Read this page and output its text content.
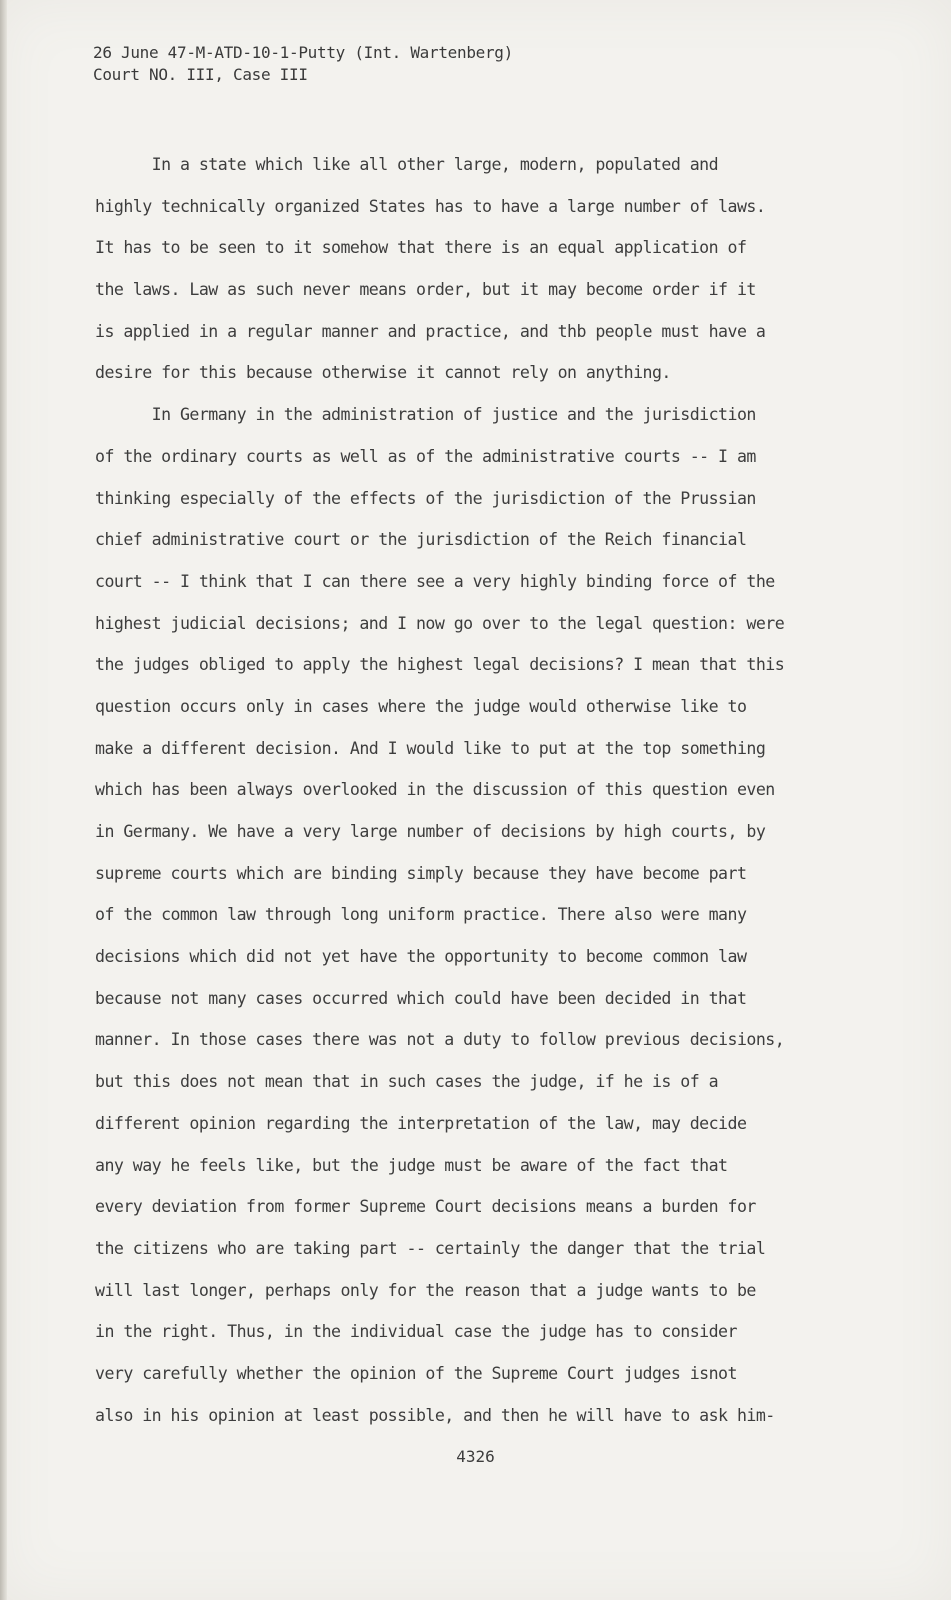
26 June 47-M-ATD-10-1-Putty (Int. Wartenberg)
Court NO. III, Case III
In a state which like all other large, modern, populated and
highly technically organized States has to have a large number of laws.
It has to be seen to it somehow that there is an equal application of
the laws. Law as such never means order, but it may become order if it
is applied in a regular manner and practice, and thb people must have a
desire for this because otherwise it cannot rely on anything.
In Germany in the administration of justice and the jurisdiction
of the ordinary courts as well as of the administrative courts -- I am
thinking especially of the effects of the jurisdiction of the Prussian
chief administrative court or the jurisdiction of the Reich financial
court -- I think that I can there see a very highly binding force of the
highest judicial decisions; and I now go over to the legal question: were
the judges obliged to apply the highest legal decisions? I mean that this
question occurs only in cases where the judge would otherwise like to
make a different decision. And I would like to put at the top something
which has been always overlooked in the discussion of this question even
in Germany. We have a very large number of decisions by high courts, by
supreme courts which are binding simply because they have become part
of the common law through long uniform practice. There also were many
decisions which did not yet have the opportunity to become common law
because not many cases occurred which could have been decided in that
manner. In those cases there was not a duty to follow previous decisions,
but this does not mean that in such cases the judge, if he is of a
different opinion regarding the interpretation of the law, may decide
any way he feels like, but the judge must be aware of the fact that
every deviation from former Supreme Court decisions means a burden for
the citizens who are taking part -- certainly the danger that the trial
will last longer, perhaps only for the reason that a judge wants to be
in the right. Thus, in the individual case the judge has to consider
very carefully whether the opinion of the Supreme Court judges isnot
also in his opinion at least possible, and then he will have to ask him-
4326
